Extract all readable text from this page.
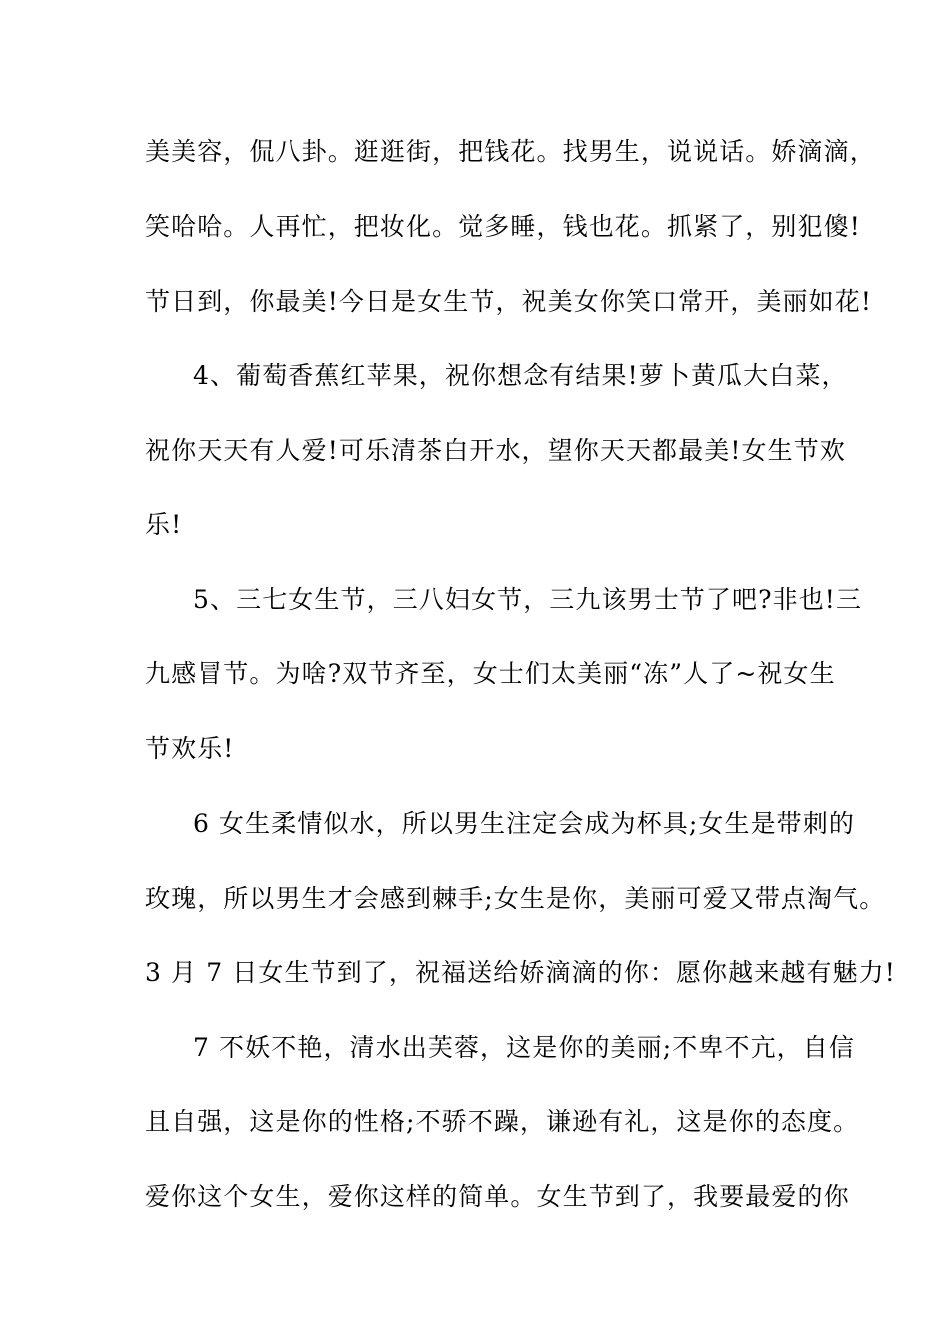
美美容，侃八卦。逛逛街，把钱花。找男生，说说话。娇滴滴，
笑哈哈。人再忙，把妆化。觉多睡，钱也花。抓紧了，别犯傻!
节日到，你最美!今日是女生节，祝美女你笑口常开，美丽如花!
4、葡萄香蕉红苹果，祝你想念有结果!萝卜黄瓜大白菜，
祝你天天有人爱!可乐清茶白开水，望你天天都最美!女生节欢
乐!
5、三七女生节，三八妇女节，三九该男士节了吧?非也!三
九感冒节。为啥?双节齐至，女士们太美丽“冻”人了~祝女生
节欢乐!
6 女生柔情似水，所以男生注定会成为杯具;女生是带刺的
玫瑰，所以男生才会感到棘手;女生是你，美丽可爱又带点淘气。
3 月 7 日女生节到了，祝福送给娇滴滴的你：愿你越来越有魅力!
7 不妖不艳，清水出芙蓉，这是你的美丽;不卑不亢，自信
且自强，这是你的性格;不骄不躁，谦逊有礼，这是你的态度。
爱你这个女生，爱你这样的简单。女生节到了，我要最爱的你
